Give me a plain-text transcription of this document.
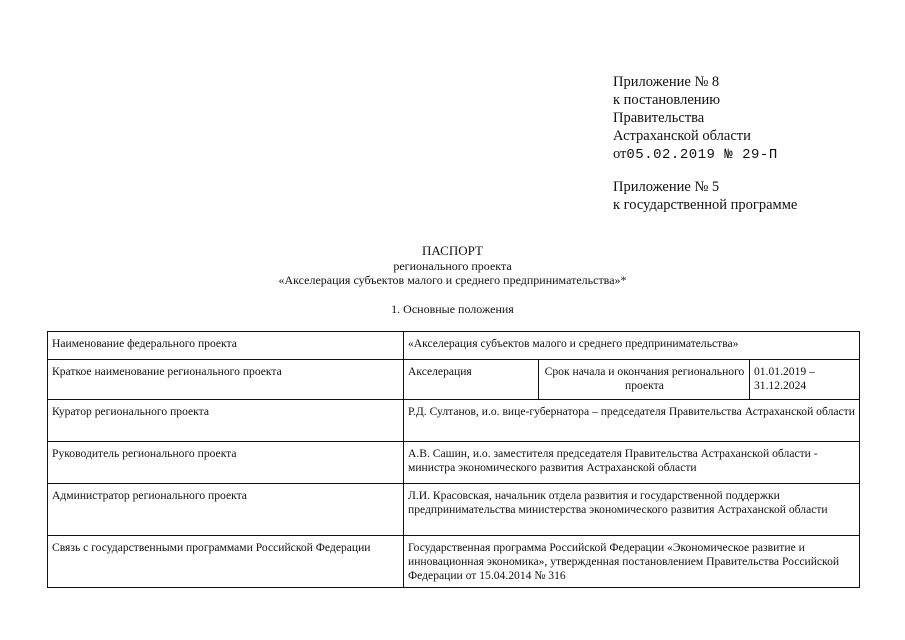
Приложение № 8
к постановлению
Правительства
Астраханской области
от05.02.2019 № 29-П
Приложение № 5
к государственной программе
ПАСПОРТ
регионального проекта
«Акселерация субъектов малого и среднего предпринимательства»*
1. Основные положения
Наименование федерального проекта	«Акселерация субъектов малого и среднего предпринимательства»		
Краткое наименование регионального проекта	Акселерация	Срок начала и окончания регионального проекта	01.01.2019 –
31.12.2024

Куратор регионального проекта	Р.Д. Султанов, и.о. вице-губернатора – председателя Правительства Астраханской области		
Руководитель регионального проекта	А.В. Сашин, и.о. заместителя председателя Правительства Астраханской области - министра экономического развития Астраханской области		
Администратор регионального проекта	Л.И. Красовская, начальник отдела развития и государственной поддержки предпринимательства министерства экономического развития Астраханской области		
Связь с государственными программами Российской Федерации	Государственная программа Российской Федерации «Экономическое развитие и инновационная экономика», утвержденная постановлением Правительства Российской Федерации от 15.04.2014 № 316		
